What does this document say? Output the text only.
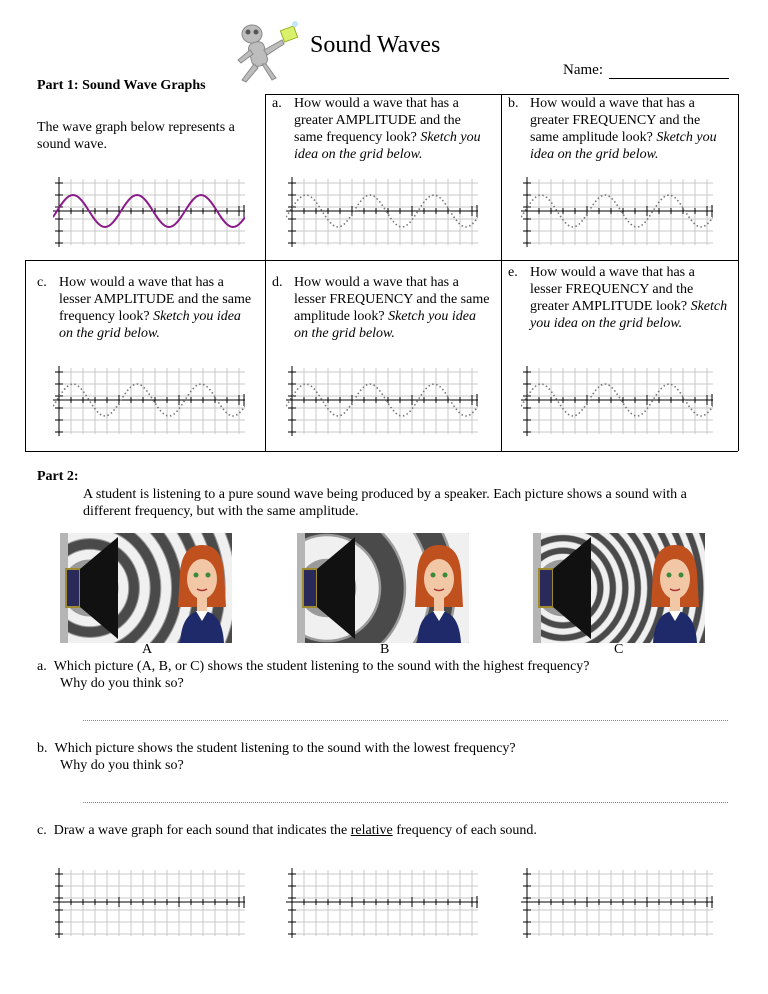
Sound Waves
Name:
Part 1: Sound Wave Graphs
The wave graph below represents a sound wave.
a. How would a wave that has a greater AMPLITUDE and the same frequency look? Sketch you idea on the grid below.
b. How would a wave that has a greater FREQUENCY and the same amplitude look? Sketch you idea on the grid below.
c. How would a wave that has a lesser AMPLITUDE and the same frequency look? Sketch you idea on the grid below.
d. How would a wave that has a lesser FREQUENCY and the same amplitude look? Sketch you idea on the grid below.
e. How would a wave that has a lesser FREQUENCY and the greater AMPLITUDE look? Sketch you idea on the grid below.
Part 2:
A student is listening to a pure sound wave being produced by a speaker. Each picture shows a sound with a different frequency, but with the same amplitude.
A	B	C
a. Which picture (A, B, or C) shows the student listening to the sound with the highest frequency?
Why do you think so?
b. Which picture shows the student listening to the sound with the lowest frequency?
Why do you think so?
c. Draw a wave graph for each sound that indicates the relative frequency of each sound.
